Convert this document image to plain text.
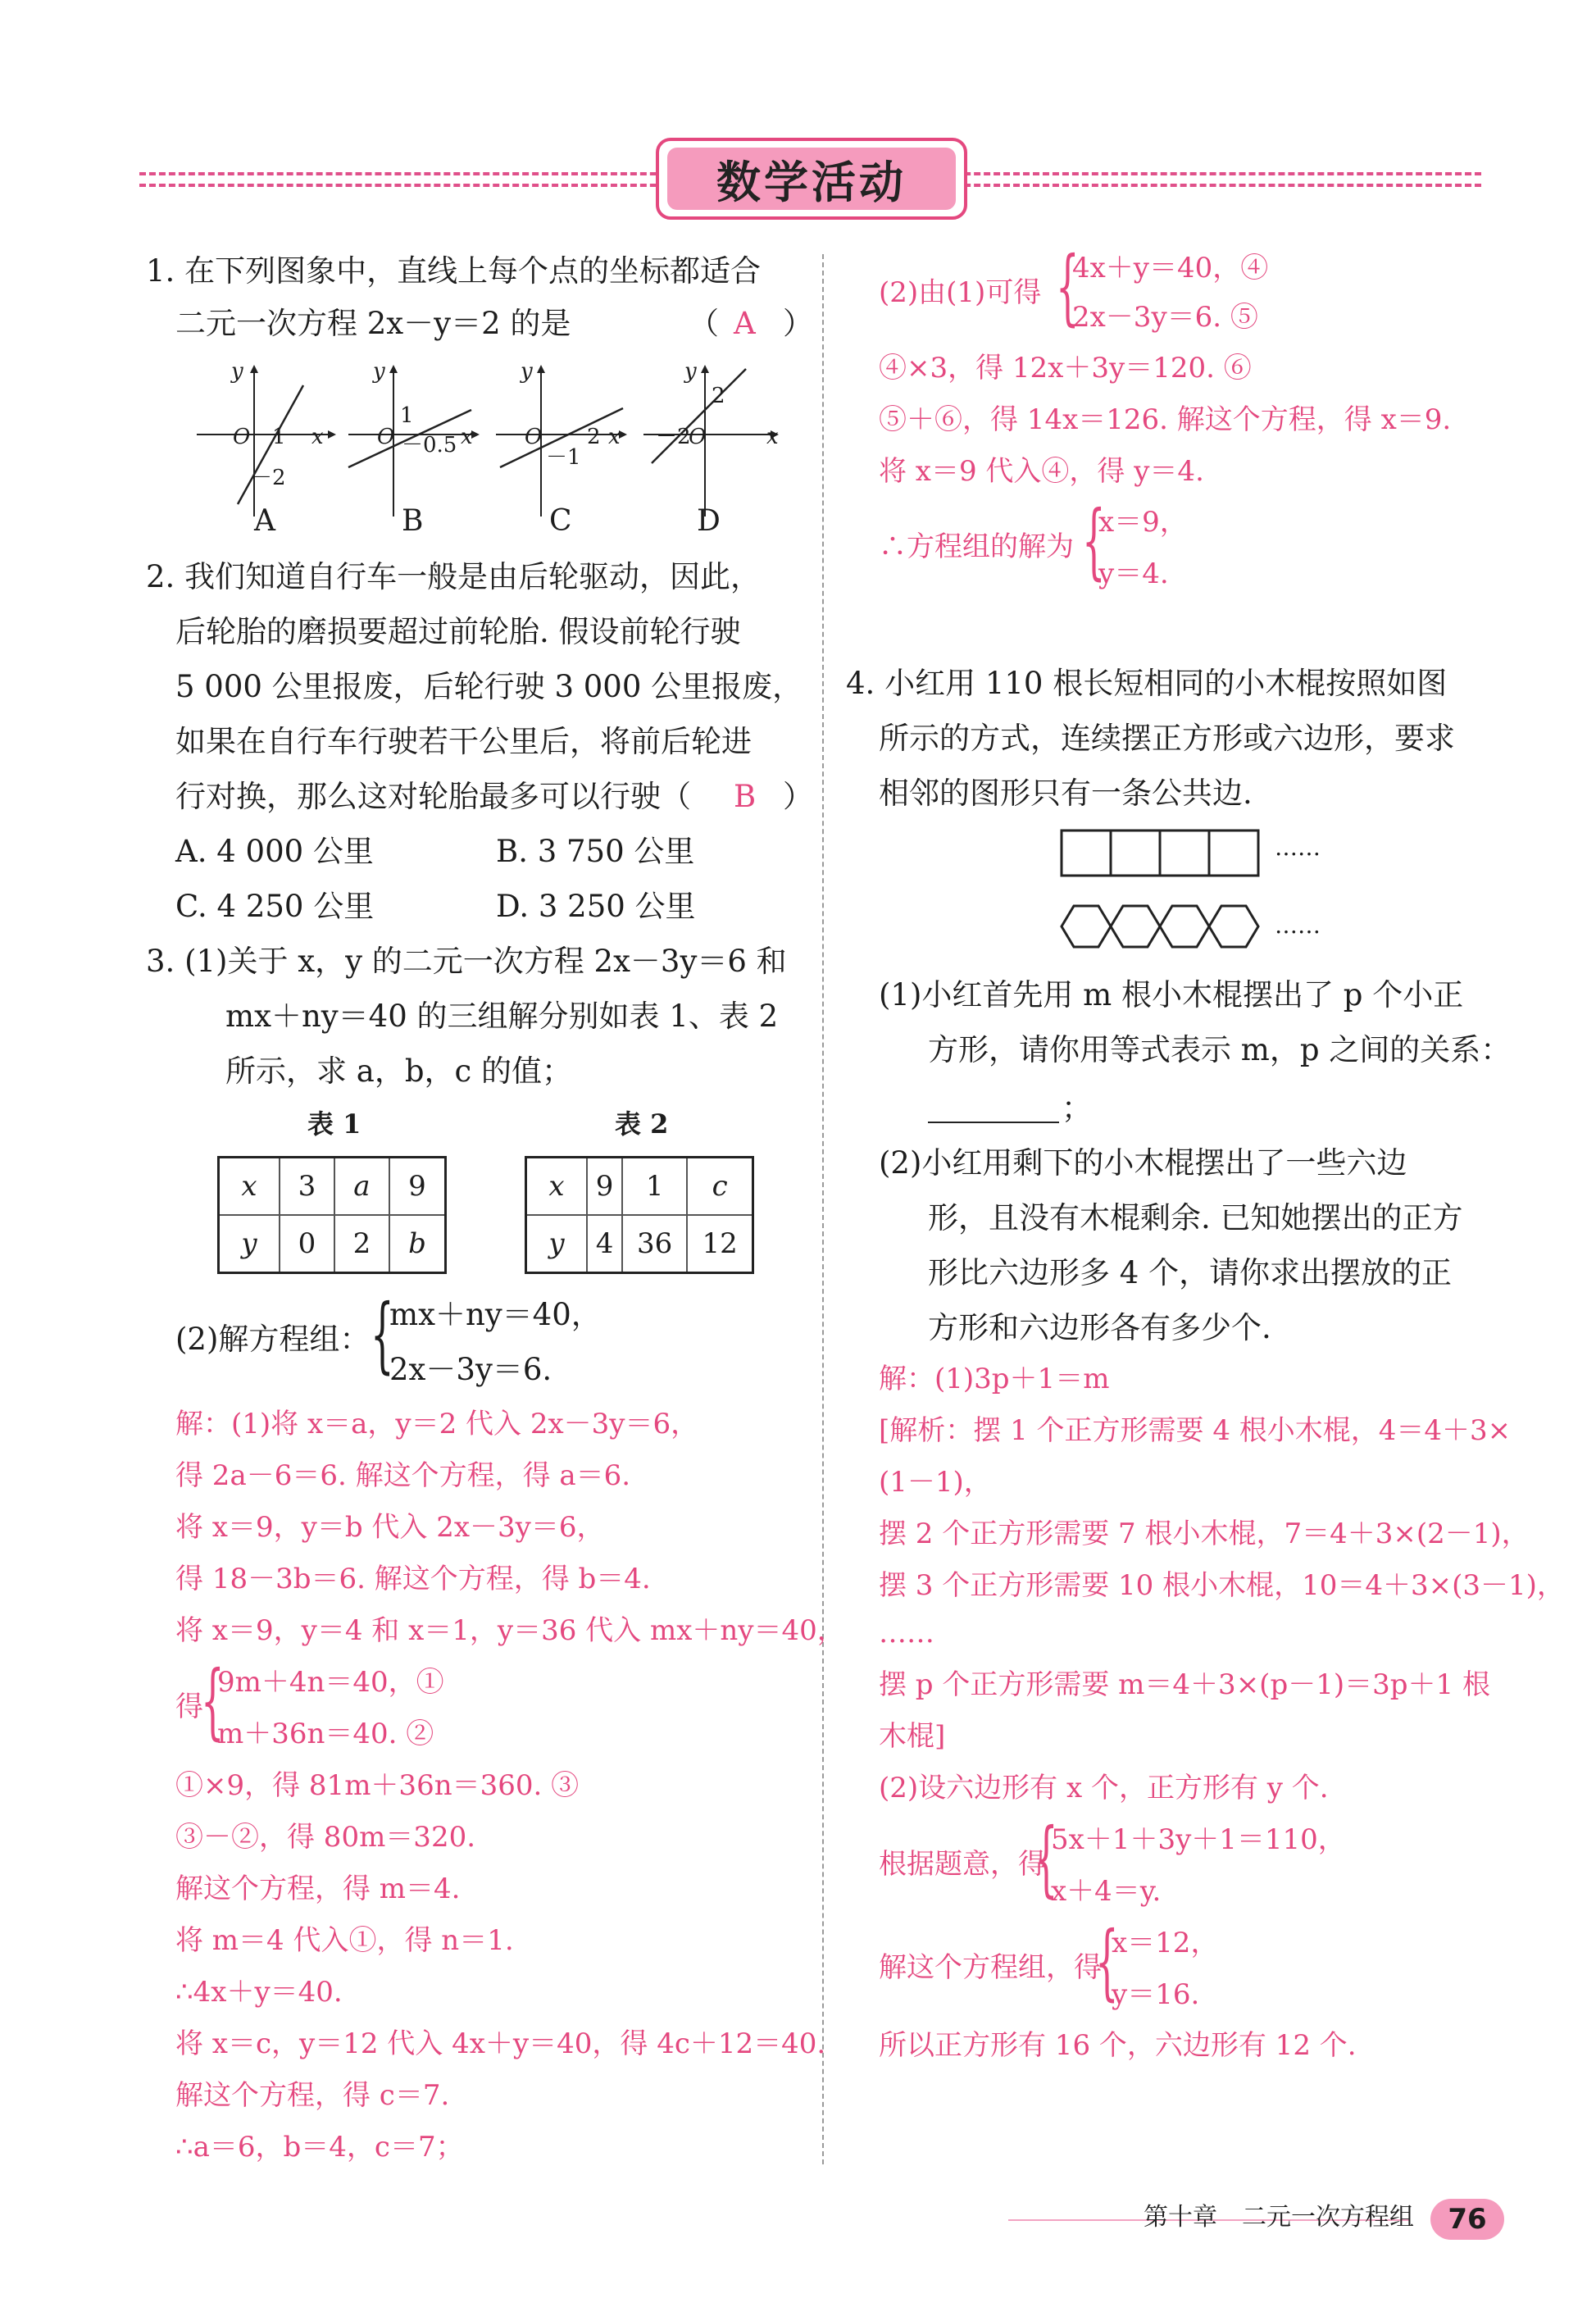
数学活动
1. 在下列图象中，直线上每个点的坐标都适合
二元一次方程 2x－y＝2 的是	（ A ）
y
x
O 1
－2
A
y
x
O
1
－0.5
B
y
x
O 2
－1
C
y
x
O
2
－2
D
2. 我们知道自行车一般是由后轮驱动，因此，
后轮胎的磨损要超过前轮胎. 假设前轮行驶
5 000 公里报废，后轮行驶 3 000 公里报废，
如果在自行车行驶若干公里后，将前后轮进
行对换，那么这对轮胎最多可以行驶（ B ）
A. 4 000 公里	B. 3 750 公里
C. 4 250 公里	D. 3 250 公里
3. (1)关于 x，y 的二元一次方程 2x－3y＝6 和
mx＋ny＝40 的三组解分别如表 1、表 2
所示，求 a，b，c 的值；
表 1
x	3	a	9
y	0	2	b
表 2
x	9	1	c
y	4	36	12
(2)解方程组： {
mx＋ny＝40，
2x－3y＝6.
解：(1)将 x＝a，y＝2 代入 2x－3y＝6，
得 2a－6＝6. 解这个方程，得 a＝6.
将 x＝9，y＝b 代入 2x－3y＝6，
得 18－3b＝6. 解这个方程，得 b＝4.
将 x＝9，y＝4 和 x＝1，y＝36 代入 mx＋ny＝40，
得
{
9m＋4n＝40，①
m＋36n＝40. ②
①×9，得 81m＋36n＝360. ③
③－②，得 80m＝320.
解这个方程，得 m＝4.
将 m＝4 代入①，得 n＝1.
∴4x＋y＝40.
将 x＝c，y＝12 代入 4x＋y＝40，得 4c＋12＝40.
解这个方程，得 c＝7.
∴a＝6，b＝4，c＝7；
(2)由(1)可得 {
4x＋y＝40，④
2x－3y＝6. ⑤
④×3，得 12x＋3y＝120. ⑥
⑤＋⑥，得 14x＝126. 解这个方程，得 x＝9.
将 x＝9 代入④，得 y＝4.
∴方程组的解为 {
x＝9，
y＝4.
4. 小红用 110 根长短相同的小木棍按照如图
所示的方式，连续摆正方形或六边形，要求
相邻的图形只有一条公共边.
……
……
(1)小红首先用 m 根小木棍摆出了 p 个小正
方形，请你用等式表示 m，p 之间的关系：
；
(2)小红用剩下的小木棍摆出了一些六边
形，且没有木棍剩余. 已知她摆出的正方
形比六边形多 4 个，请你求出摆放的正
方形和六边形各有多少个.
解：(1)3p＋1＝m
[解析：摆 1 个正方形需要 4 根小木棍，4＝4＋3×
(1－1)，
摆 2 个正方形需要 7 根小木棍，7＝4＋3×(2－1)，
摆 3 个正方形需要 10 根小木棍，10＝4＋3×(3－1)，
……
摆 p 个正方形需要 m＝4＋3×(p－1)＝3p＋1 根
木棍]
(2)设六边形有 x 个，正方形有 y 个.
根据题意，得
{
5x＋1＋3y＋1＝110，
x＋4＝y.
解这个方程组，得
{
x＝12，
y＝16.
所以正方形有 16 个，六边形有 12 个.
第十章　二元一次方程组	76
